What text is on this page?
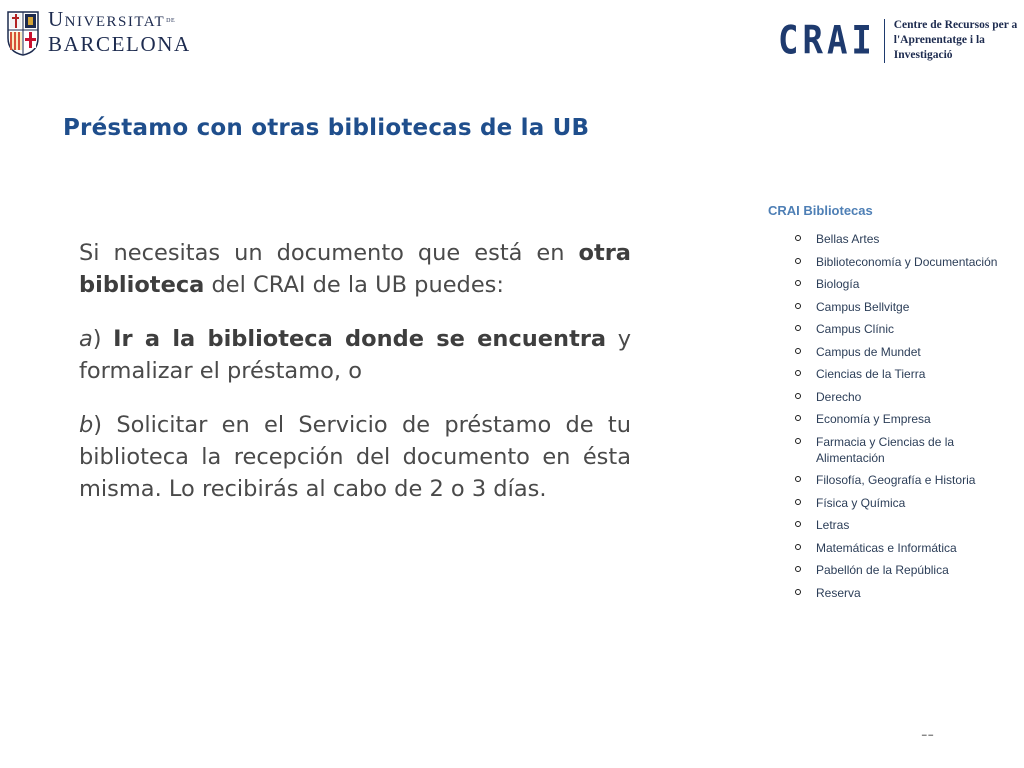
Universitatde
BARCELONA	CRAI Centre de Recursos per a
l'Aprenentatge i la Investigació
Préstamo con otras bibliotecas de la UB

Si necesitas un documento que está en otra biblioteca del CRAI de la UB puedes:

a) Ir a la biblioteca donde se encuentra y formalizar el préstamo, o

b) Solicitar en el Servicio de préstamo de tu biblioteca la recepción del documento en ésta misma. Lo recibirás al cabo de 2 o 3 días.

CRAI Bibliotecas
Bellas Artes
Biblioteconomía y Documentación
Biología
Campus Bellvitge
Campus Clínic
Campus de Mundet
Ciencias de la Tierra
Derecho
Economía y Empresa
Farmacia y Ciencias de la Alimentación
Filosofía, Geografía e Historia
Física y Química
Letras
Matemáticas e Informática
Pabellón de la República
Reserva
--
